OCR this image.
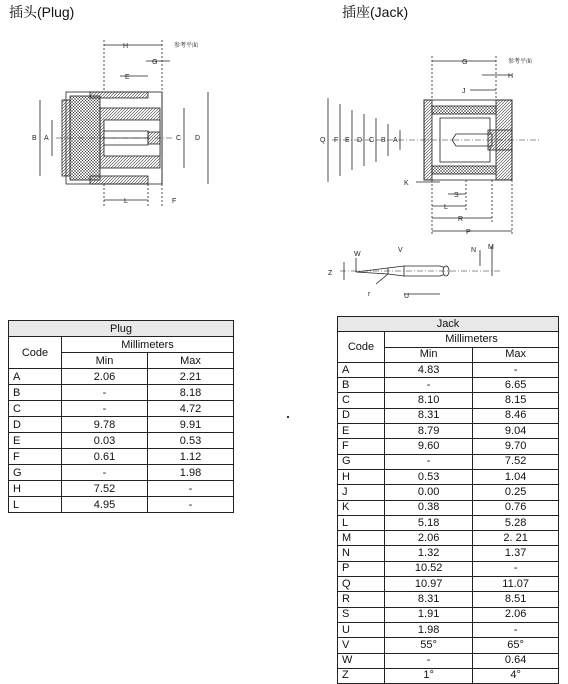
插头(Plug)	插座(Jack)
H	参考平面
G
E
B A	C D
L	F
G	参考平面
H
J
Q F E D C B A
K
S
L
R
P
W
V	N M
Z
U
r
Plug		
Code	Millimeters	
	Min	Max
A	2.06	2.21
B	-	8.18
C	-	4.72
D	9.78	9.91
E	0.03	0.53
F	0.61	1.12
G	-	1.98
H	7.52	-
L	4.95	-
Jack		
Code	Millimeters	
	Min	Max
A	4.83	-
B	-	6.65
C	8.10	8.15
D	8.31	8.46
E	8.79	9.04
F	9.60	9.70
G	-	7.52
H	0.53	1.04
J	0.00	0.25
K	0.38	0.76
L	5.18	5.28
M	2.06	2. 21
N	1.32	1.37
P	10.52	-
Q	10.97	11.07
R	8.31	8.51
S	1.91	2.06
U	1.98	-
V	55°	65°
W	-	0.64
Z	1°	4°
